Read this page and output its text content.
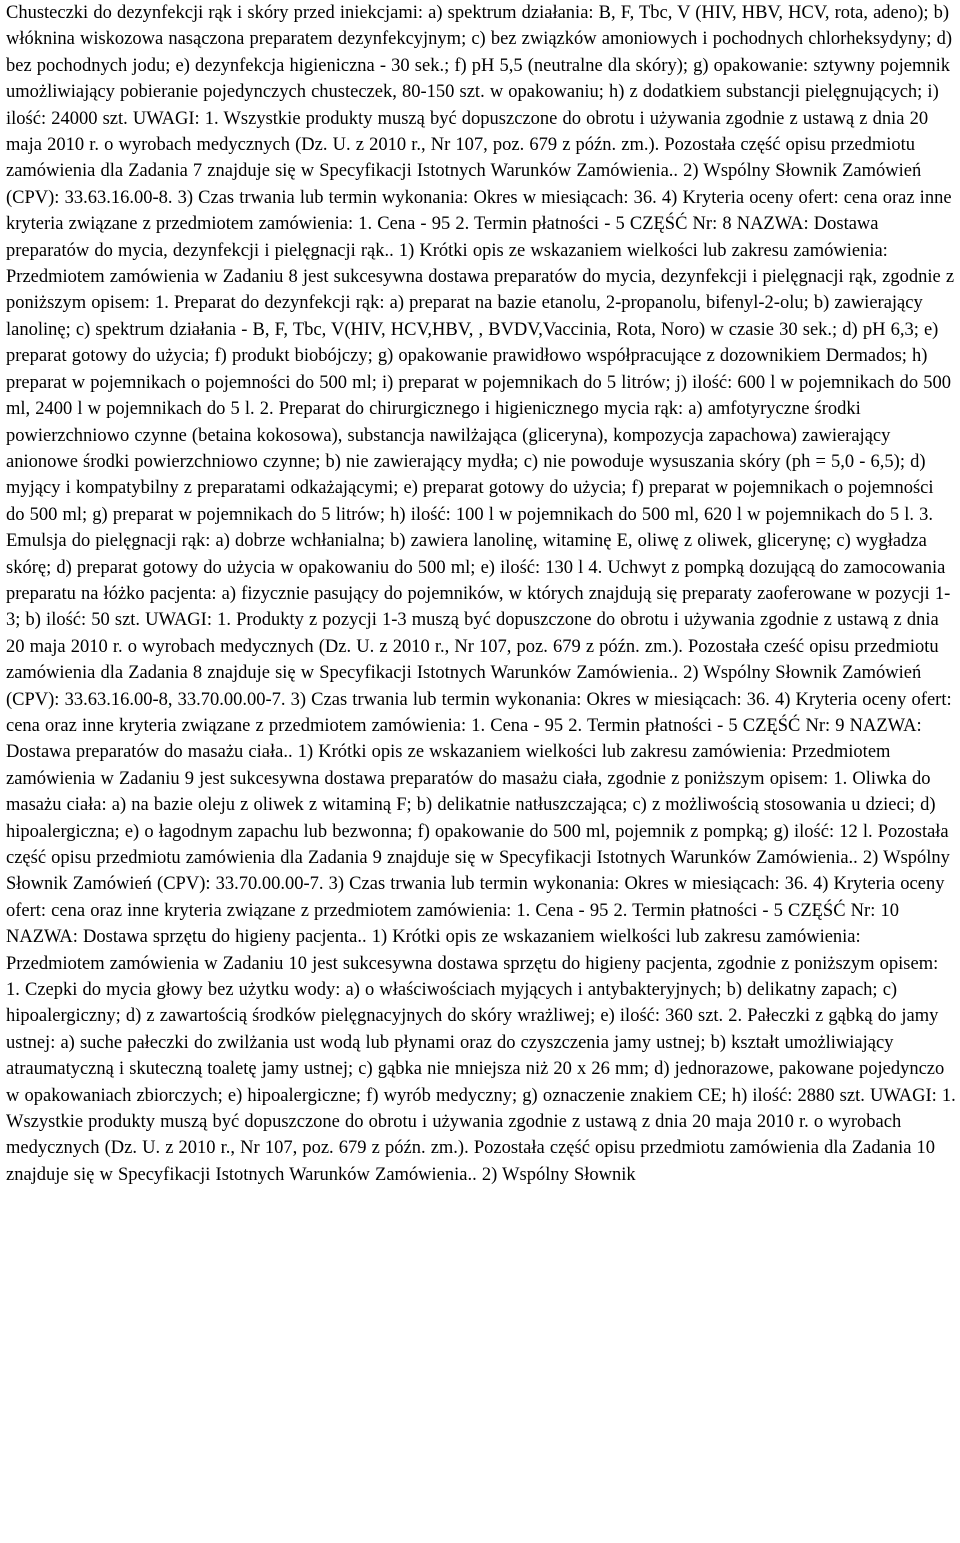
Chusteczki do dezynfekcji rąk i skóry przed iniekcjami: a) spektrum działania: B, F, Tbc, V (HIV, HBV, HCV, rota, adeno); b) włóknina wiskozowa nasączona preparatem dezynfekcyjnym; c) bez związków amoniowych i pochodnych chlorheksydyny; d) bez pochodnych jodu; e) dezynfekcja higieniczna - 30 sek.; f) pH 5,5 (neutralne dla skóry); g) opakowanie: sztywny pojemnik umożliwiający pobieranie pojedynczych chusteczek, 80-150 szt. w opakowaniu; h) z dodatkiem substancji pielęgnujących; i) ilość: 24000 szt. UWAGI: 1. Wszystkie produkty muszą być dopuszczone do obrotu i używania zgodnie z ustawą z dnia 20 maja 2010 r. o wyrobach medycznych (Dz. U. z 2010 r., Nr 107, poz. 679 z późn. zm.). Pozostała część opisu przedmiotu zamówienia dla Zadania 7 znajduje się w Specyfikacji Istotnych Warunków Zamówienia.. 2) Wspólny Słownik Zamówień (CPV): 33.63.16.00-8. 3) Czas trwania lub termin wykonania: Okres w miesiącach: 36. 4) Kryteria oceny ofert: cena oraz inne kryteria związane z przedmiotem zamówienia: 1. Cena - 95 2. Termin płatności - 5 CZĘŚĆ Nr: 8 NAZWA: Dostawa preparatów do mycia, dezynfekcji i pielęgnacji rąk.. 1) Krótki opis ze wskazaniem wielkości lub zakresu zamówienia: Przedmiotem zamówienia w Zadaniu 8 jest sukcesywna dostawa preparatów do mycia, dezynfekcji i pielęgnacji rąk, zgodnie z poniższym opisem: 1. Preparat do dezynfekcji rąk: a) preparat na bazie etanolu, 2-propanolu, bifenyl-2-olu; b) zawierający lanolinę; c) spektrum działania - B, F, Tbc, V(HIV, HCV,HBV, , BVDV,Vaccinia, Rota, Noro) w czasie 30 sek.; d) pH 6,3; e) preparat gotowy do użycia; f) produkt biobójczy; g) opakowanie prawidłowo współpracujące z dozownikiem Dermados; h) preparat w pojemnikach o pojemności do 500 ml; i) preparat w pojemnikach do 5 litrów; j) ilość: 600 l w pojemnikach do 500 ml, 2400 l w pojemnikach do 5 l. 2. Preparat do chirurgicznego i higienicznego mycia rąk: a) amfotyryczne środki powierzchniowo czynne (betaina kokosowa), substancja nawilżająca (gliceryna), kompozycja zapachowa) zawierający anionowe środki powierzchniowo czynne; b) nie zawierający mydła; c) nie powoduje wysuszania skóry (ph = 5,0 - 6,5); d) myjący i kompatybilny z preparatami odkażającymi; e) preparat gotowy do użycia; f) preparat w pojemnikach o pojemności do 500 ml; g) preparat w pojemnikach do 5 litrów; h) ilość: 100 l w pojemnikach do 500 ml, 620 l w pojemnikach do 5 l. 3. Emulsja do pielęgnacji rąk: a) dobrze wchłanialna; b) zawiera lanolinę, witaminę E, oliwę z oliwek, glicerynę; c) wygładza skórę; d) preparat gotowy do użycia w opakowaniu do 500 ml; e) ilość: 130 l 4. Uchwyt z pompką dozującą do zamocowania preparatu na łóżko pacjenta: a) fizycznie pasujący do pojemników, w których znajdują się preparaty zaoferowane w pozycji 1-3; b) ilość: 50 szt. UWAGI: 1. Produkty z pozycji 1-3 muszą być dopuszczone do obrotu i używania zgodnie z ustawą z dnia 20 maja 2010 r. o wyrobach medycznych (Dz. U. z 2010 r., Nr 107, poz. 679 z późn. zm.). Pozostała cześć opisu przedmiotu zamówienia dla Zadania 8 znajduje się w Specyfikacji Istotnych Warunków Zamówienia.. 2) Wspólny Słownik Zamówień (CPV): 33.63.16.00-8, 33.70.00.00-7. 3) Czas trwania lub termin wykonania: Okres w miesiącach: 36. 4) Kryteria oceny ofert: cena oraz inne kryteria związane z przedmiotem zamówienia: 1. Cena - 95 2. Termin płatności - 5 CZĘŚĆ Nr: 9 NAZWA: Dostawa preparatów do masażu ciała.. 1) Krótki opis ze wskazaniem wielkości lub zakresu zamówienia: Przedmiotem zamówienia w Zadaniu 9 jest sukcesywna dostawa preparatów do masażu ciała, zgodnie z poniższym opisem: 1. Oliwka do masażu ciała: a) na bazie oleju z oliwek z witaminą F; b) delikatnie natłuszczająca; c) z możliwością stosowania u dzieci; d) hipoalergiczna; e) o łagodnym zapachu lub bezwonna; f) opakowanie do 500 ml, pojemnik z pompką; g) ilość: 12 l. Pozostała część opisu przedmiotu zamówienia dla Zadania 9 znajduje się w Specyfikacji Istotnych Warunków Zamówienia.. 2) Wspólny Słownik Zamówień (CPV): 33.70.00.00-7. 3) Czas trwania lub termin wykonania: Okres w miesiącach: 36. 4) Kryteria oceny ofert: cena oraz inne kryteria związane z przedmiotem zamówienia: 1. Cena - 95 2. Termin płatności - 5 CZĘŚĆ Nr: 10 NAZWA: Dostawa sprzętu do higieny pacjenta.. 1) Krótki opis ze wskazaniem wielkości lub zakresu zamówienia: Przedmiotem zamówienia w Zadaniu 10 jest sukcesywna dostawa sprzętu do higieny pacjenta, zgodnie z poniższym opisem: 1. Czepki do mycia głowy bez użytku wody: a) o właściwościach myjących i antybakteryjnych; b) delikatny zapach; c) hipoalergiczny; d) z zawartością środków pielęgnacyjnych do skóry wrażliwej; e) ilość: 360 szt. 2. Pałeczki z gąbką do jamy ustnej: a) suche pałeczki do zwilżania ust wodą lub płynami oraz do czyszczenia jamy ustnej; b) kształt umożliwiający atraumatyczną i skuteczną toaletę jamy ustnej; c) gąbka nie mniejsza niż 20 x 26 mm; d) jednorazowe, pakowane pojedynczo w opakowaniach zbiorczych; e) hipoalergiczne; f) wyrób medyczny; g) oznaczenie znakiem CE; h) ilość: 2880 szt. UWAGI: 1. Wszystkie produkty muszą być dopuszczone do obrotu i używania zgodnie z ustawą z dnia 20 maja 2010 r. o wyrobach medycznych (Dz. U. z 2010 r., Nr 107, poz. 679 z późn. zm.). Pozostała część opisu przedmiotu zamówienia dla Zadania 10 znajduje się w Specyfikacji Istotnych Warunków Zamówienia.. 2) Wspólny Słownik
